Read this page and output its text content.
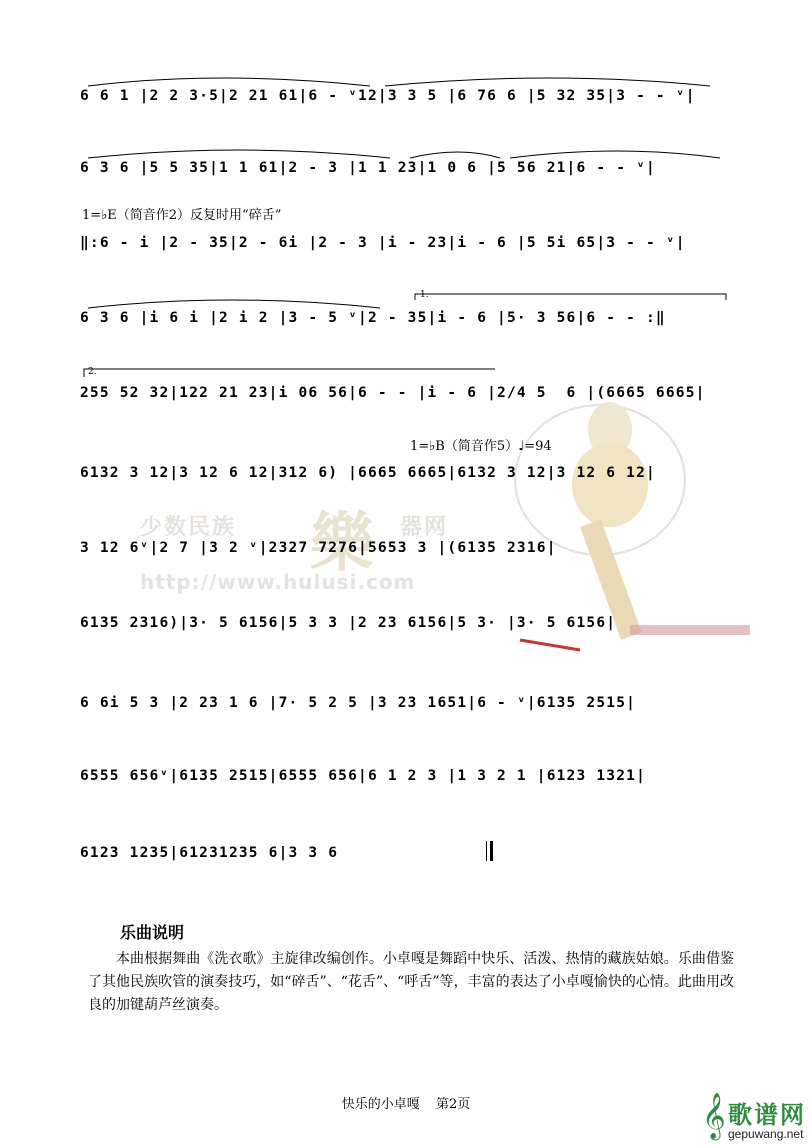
少数民族 樂 器网
http://www.hulusi.com
6 6 1 |2 2 3·5|2 21 61|6 - ᵛ12|3 3 5 |6 76 6 |5 32 35|3 - - ᵛ|
6 3 6 |5 5 35|1 1 61|2 - 3 |1 1 23|1 0 6 |5 56 21|6 - - ᵛ|
1=♭E（简音作2）反复时用“碎舌”
‖:6 - i |2 - 35|2 - 6i |2 - 3 |i - 23|i - 6 |5 5i 65|3 - - ᵛ|
1.
6 3 6 |i 6 i |2 i 2 |3 - 5 ᵛ|2 - 35|i - 6 |5· 3 56|6 - - :‖
2.
255 52 32|122 21 23|i 06 56|6 - - |i - 6 |2/4 5  6 |(6665 6665|
1=♭B（简音作5）♩=94
6132 3 12|3 12 6 12|312 6) |6665 6665|6132 3 12|3 12 6 12|
3 12 6ᵛ|2 7 |3 2 ᵛ|2327 7276|5653 3 |(6135 2316|
6135 2316)|3· 5 6156|5 3 3 |2 23 6156|5 3· |3· 5 6156|
6 6i 5 3 |2 23 1 6 |7· 5 2 5 |3 23 1651|6 - ᵛ|6135 2515|
6555 656ᵛ|6135 2515|6555 656|6 1 2 3 |1 3 2 1 |6123 1321|
6123 1235|61231235 6|3 3 6
乐曲说明
本曲根据舞曲《洗衣歌》主旋律改编创作。小卓嘎是舞蹈中快乐、活泼、热情的藏族姑娘。乐曲借鉴了其他民族吹管的演奏技巧，如“碎舌”、“花舌”、“呼舌”等，丰富的表达了小卓嘎愉快的心情。此曲用改良的加键葫芦丝演奏。
快乐的小卓嘎 第2页	𝄞 歌谱网
gepuwang.net
